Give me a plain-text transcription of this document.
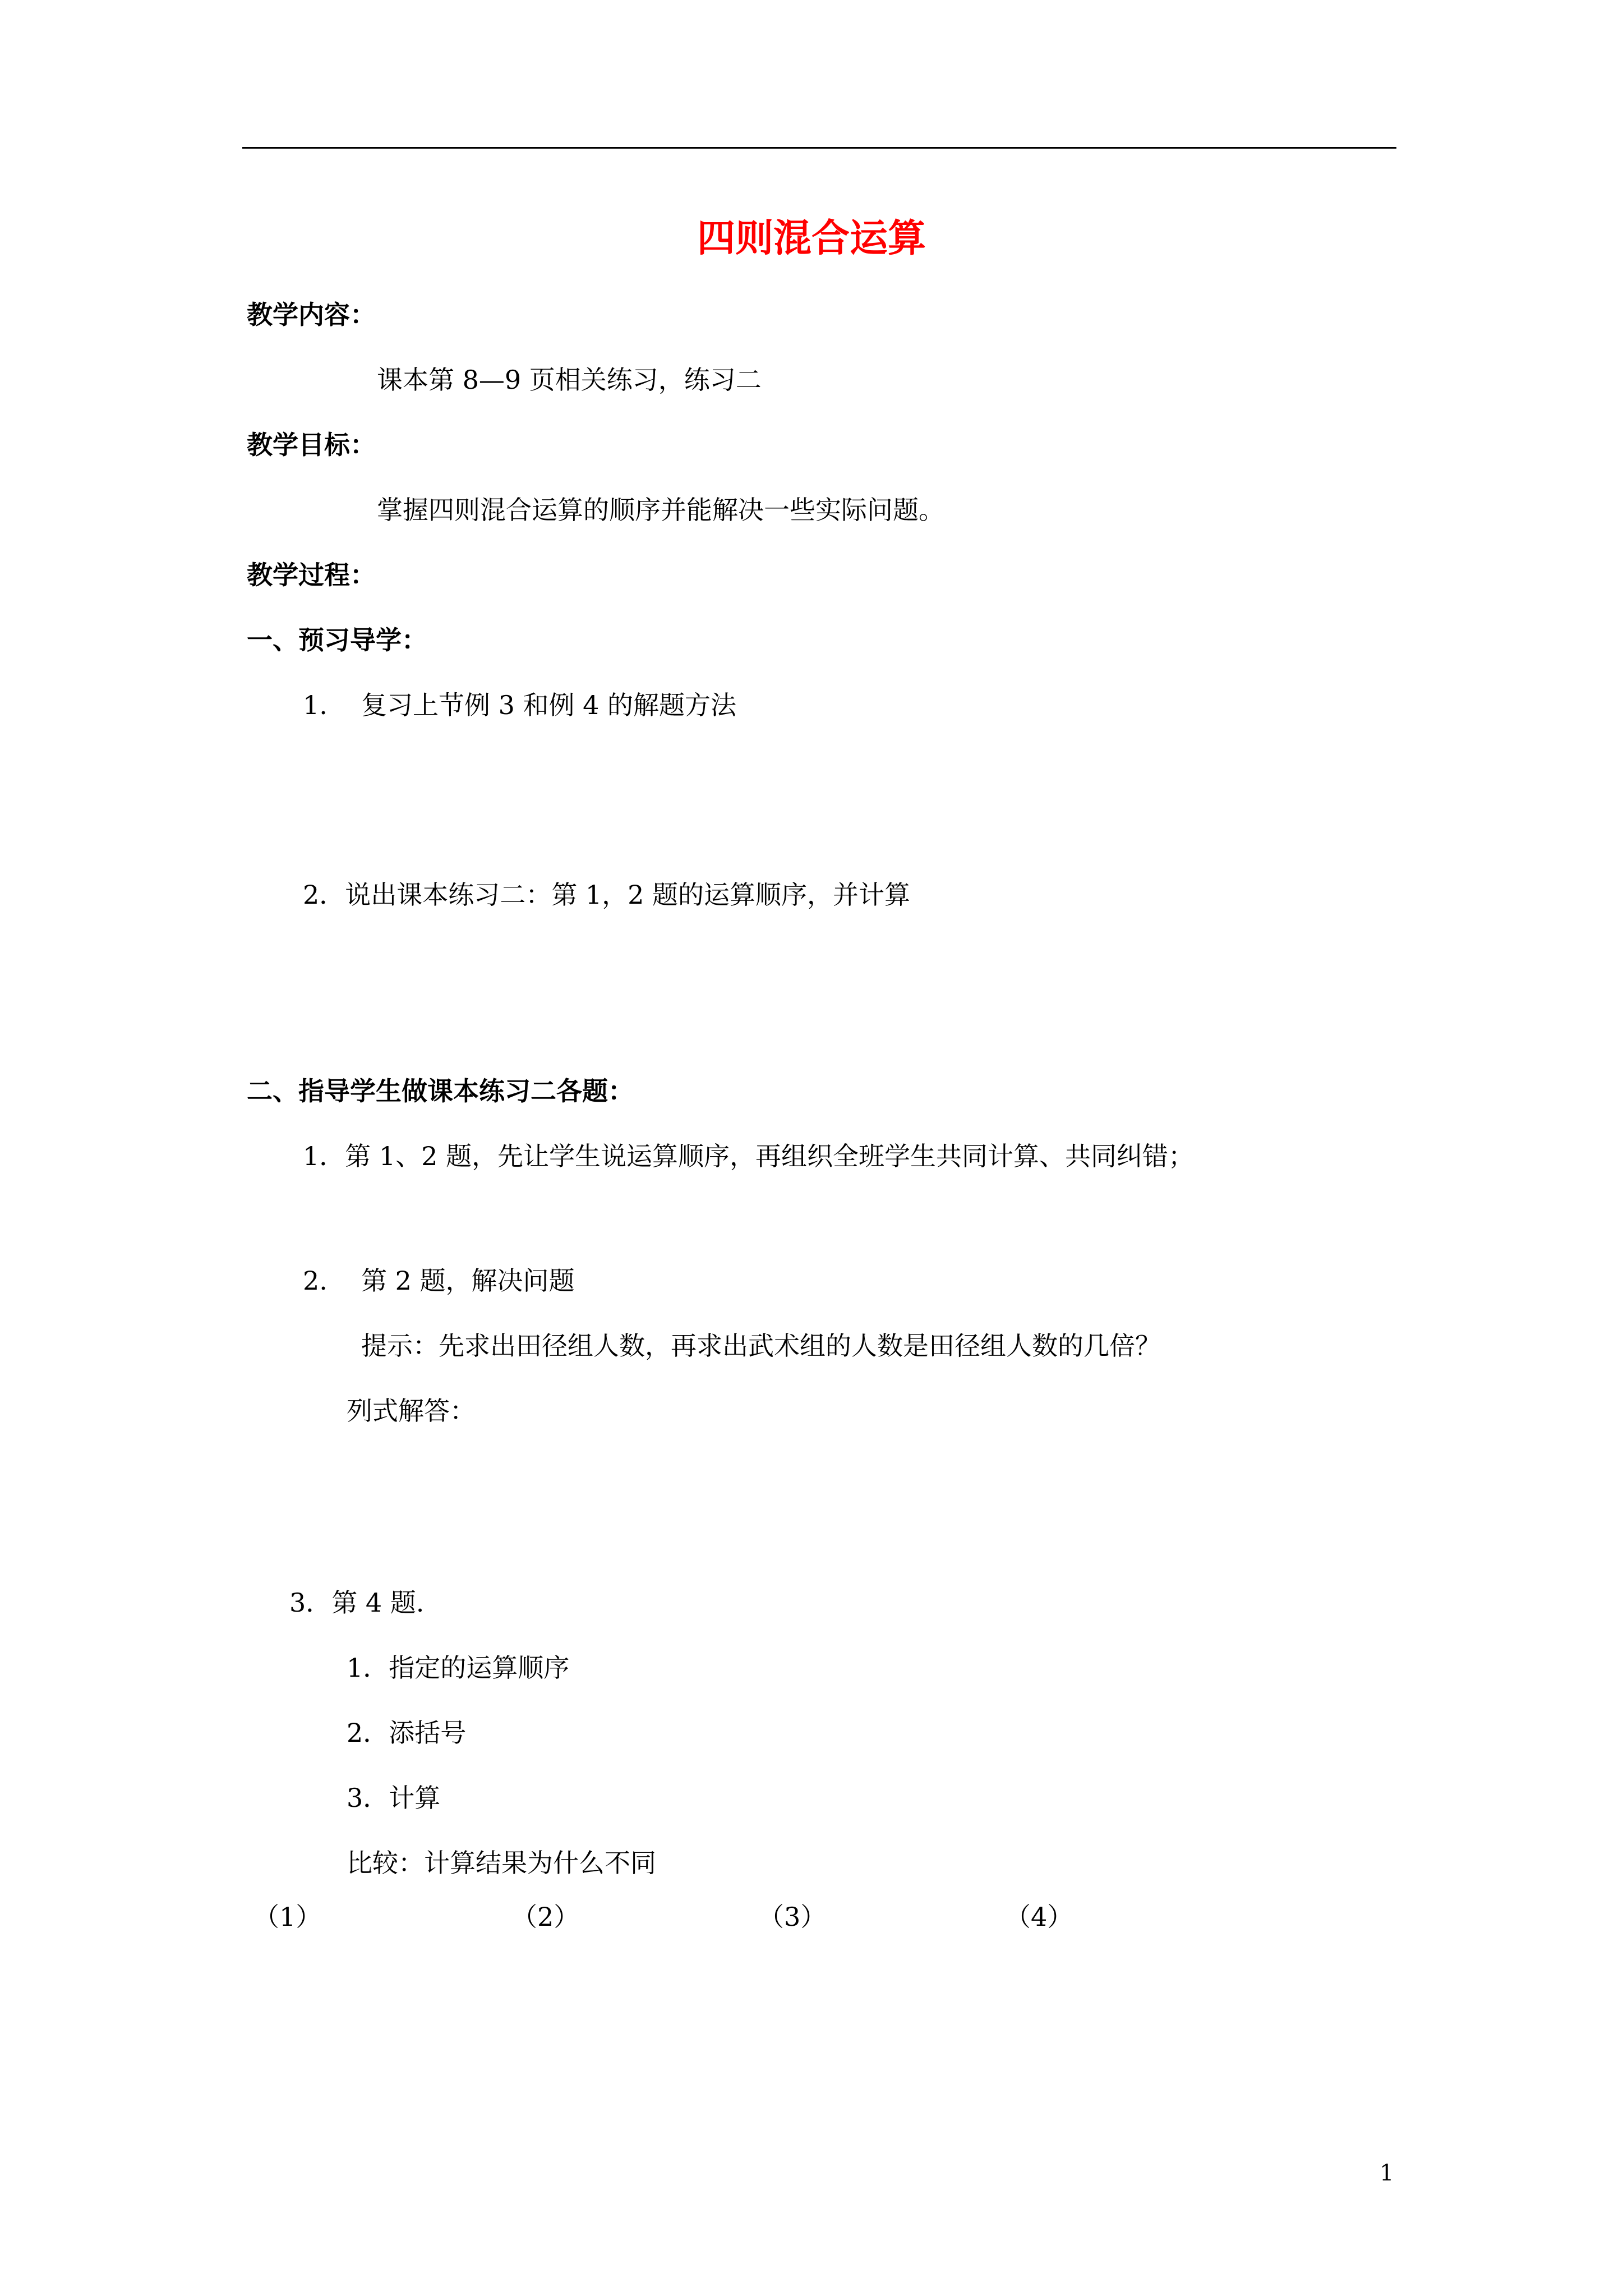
四则混合运算
教学内容：
课本第 8—9 页相关练习，练习二
教学目标：
掌握四则混合运算的顺序并能解决一些实际问题。
教学过程：
一、预习导学：
1. 复习上节例 3 和例 4 的解题方法
2．说出课本练习二：第 1，2 题的运算顺序，并计算
二、指导学生做课本练习二各题：
1．第 1、2 题，先让学生说运算顺序，再组织全班学生共同计算、共同纠错；
2. 第 2 题，解决问题
提示：先求出田径组人数，再求出武术组的人数是田径组人数的几倍？
列式解答：
3．第 4 题.
1．指定的运算顺序
2．添括号
3．计算
比较：计算结果为什么不同
（1）	（2）	（3）	（4）
1
